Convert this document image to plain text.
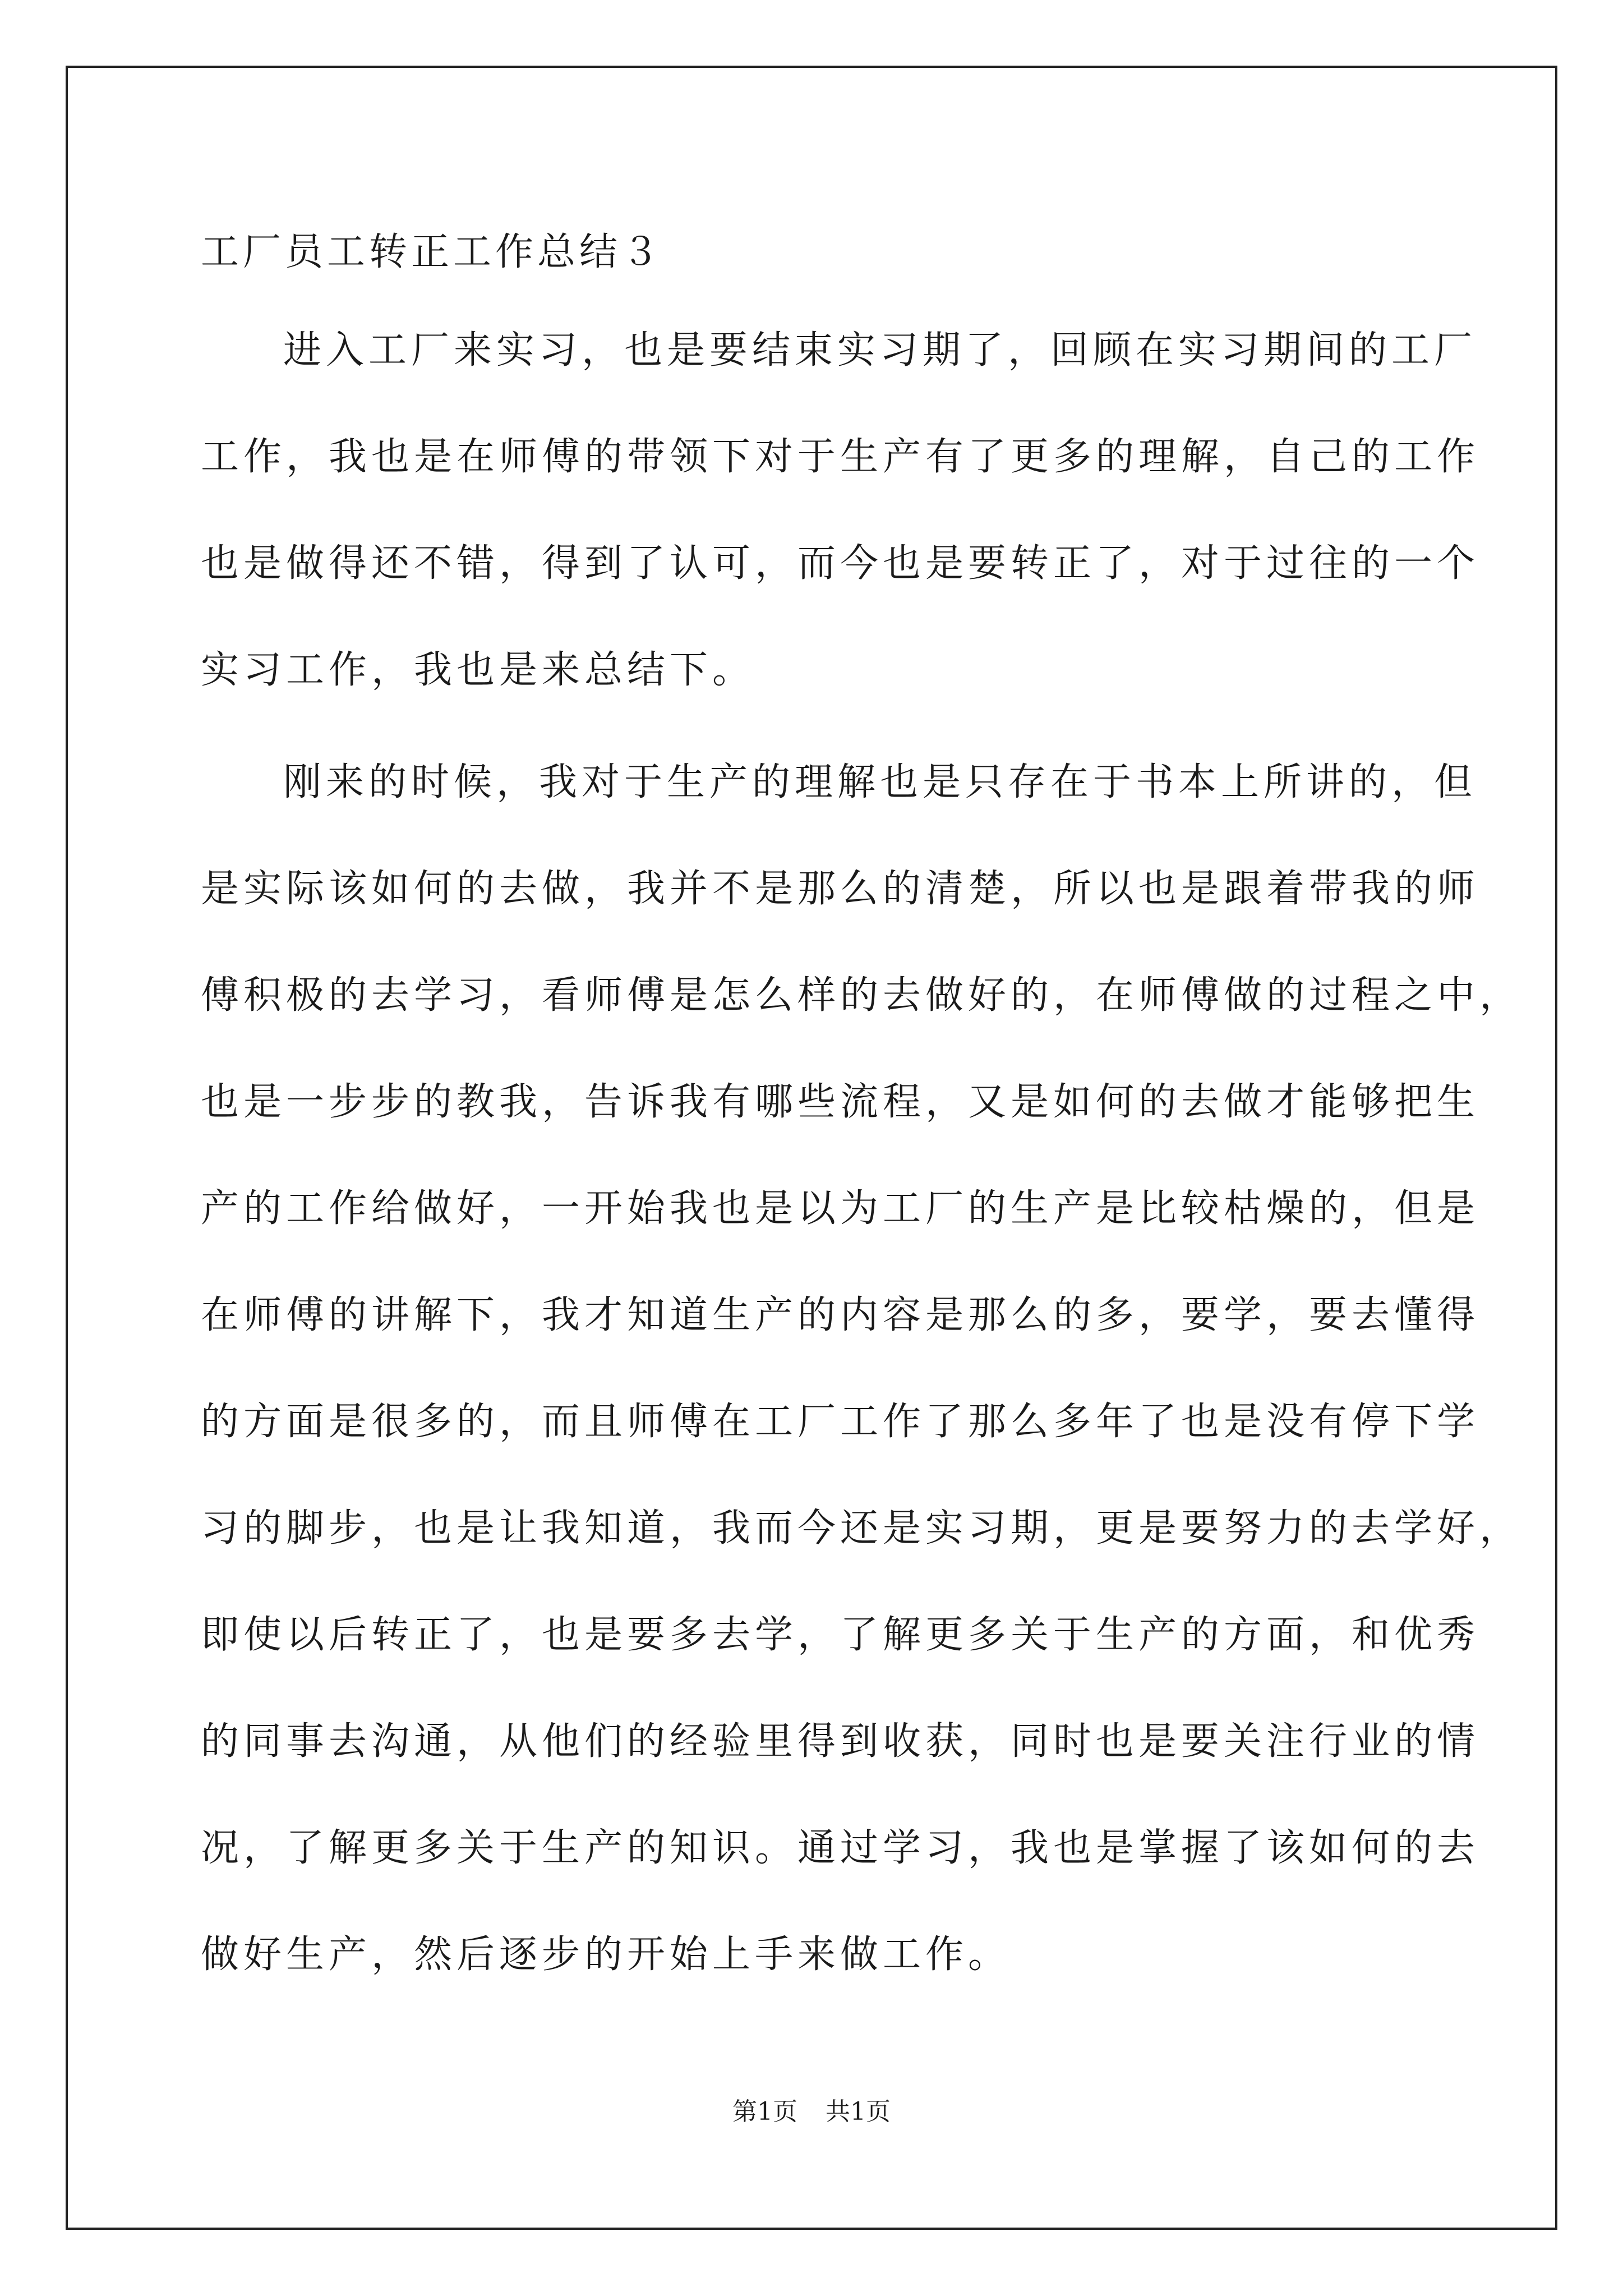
工厂员工转正工作总结３

进入工厂来实习，也是要结束实习期了，回顾在实习期间的工厂

工作，我也是在师傅的带领下对于生产有了更多的理解，自己的工作

也是做得还不错，得到了认可，而今也是要转正了，对于过往的一个

实习工作，我也是来总结下。

刚来的时候，我对于生产的理解也是只存在于书本上所讲的，但

是实际该如何的去做，我并不是那么的清楚，所以也是跟着带我的师

傅积极的去学习，看师傅是怎么样的去做好的，在师傅做的过程之中，

也是一步步的教我，告诉我有哪些流程，又是如何的去做才能够把生

产的工作给做好，一开始我也是以为工厂的生产是比较枯燥的，但是

在师傅的讲解下，我才知道生产的内容是那么的多，要学，要去懂得

的方面是很多的，而且师傅在工厂工作了那么多年了也是没有停下学

习的脚步，也是让我知道，我而今还是实习期，更是要努力的去学好，

即使以后转正了，也是要多去学，了解更多关于生产的方面，和优秀

的同事去沟通，从他们的经验里得到收获，同时也是要关注行业的情

况，了解更多关于生产的知识。通过学习，我也是掌握了该如何的去

做好生产，然后逐步的开始上手来做工作。

第1页 共1页
